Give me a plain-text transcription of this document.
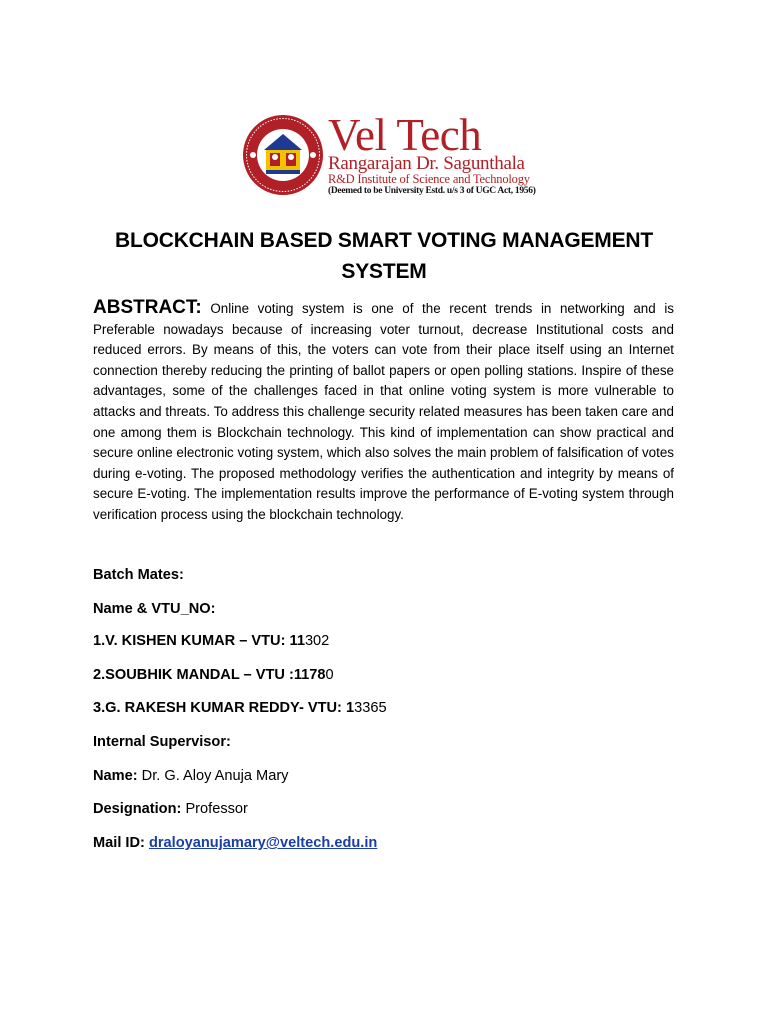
Vel Tech
Rangarajan Dr. Sagunthala
R&D Institute of Science and Technology
(Deemed to be University Estd. u/s 3 of UGC Act, 1956)
BLOCKCHAIN BASED SMART VOTING MANAGEMENT
SYSTEM

ABSTRACT: Online voting system is one of the recent trends in networking and is Preferable nowadays because of increasing voter turnout, decrease Institutional costs and reduced errors. By means of this, the voters can vote from their place itself using an Internet connection thereby reducing the printing of ballot papers or open polling stations. Inspire of these advantages, some of the challenges faced in that online voting system is more vulnerable to attacks and threats. To address this challenge security related measures has been taken care and one among them is Blockchain technology. This kind of implementation can show practical and secure online electronic voting system, which also solves the main problem of falsification of votes during e-voting. The proposed methodology verifies the authentication and integrity by means of secure E-voting. The implementation results improve the performance of E-voting system through verification process using the blockchain technology.

Batch Mates:
Name & VTU_NO:
1.V. KISHEN KUMAR – VTU: 11302
2.SOUBHIK MANDAL – VTU :11780
3.G. RAKESH KUMAR REDDY- VTU: 13365
Internal Supervisor:
Name: Dr. G. Aloy Anuja Mary
Designation: Professor
Mail ID: draloyanujamary@veltech.edu.in
